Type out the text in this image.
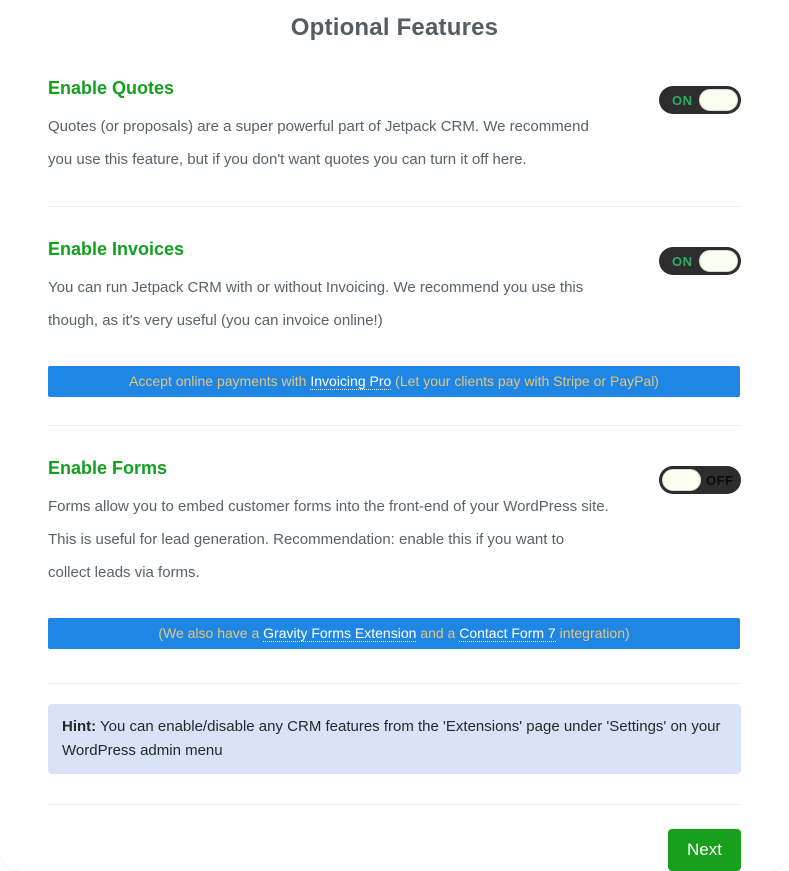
Optional Features
Enable Quotes
Quotes (or proposals) are a super powerful part of Jetpack CRM. We recommend you use this feature, but if you don't want quotes you can turn it off here.
ON
Enable Invoices
You can run Jetpack CRM with or without Invoicing. We recommend you use this though, as it's very useful (you can invoice online!)
ON
Accept online payments with Invoicing Pro (Let your clients pay with Stripe or PayPal)
Enable Forms
Forms allow you to embed customer forms into the front-end of your WordPress site. This is useful for lead generation. Recommendation: enable this if you want to collect leads via forms.
OFF
(We also have a Gravity Forms Extension and a Contact Form 7 integration)
Hint: You can enable/disable any CRM features from the 'Extensions' page under 'Settings' on your WordPress admin menu
Next
